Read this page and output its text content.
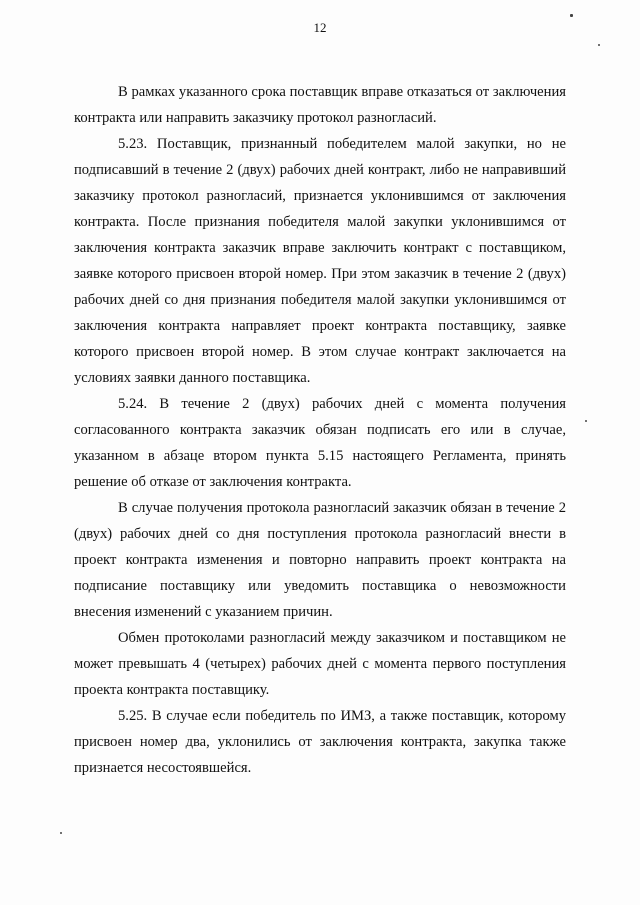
12

В рамках указанного срока поставщик вправе отказаться от заключения контракта или направить заказчику протокол разногласий.

5.23. Поставщик, признанный победителем малой закупки, но не подписавший в течение 2 (двух) рабочих дней контракт, либо не направивший заказчику протокол разногласий, признается уклонившимся от заключения контракта. После признания победителя малой закупки уклонившимся от заключения контракта заказчик вправе заключить контракт с поставщиком, заявке которого присвоен второй номер. При этом заказчик в течение 2 (двух) рабочих дней со дня признания победителя малой закупки уклонившимся от заключения контракта направляет проект контракта поставщику, заявке которого присвоен второй номер. В этом случае контракт заключается на условиях заявки данного поставщика.

5.24. В течение 2 (двух) рабочих дней с момента получения согласованного контракта заказчик обязан подписать его или в случае, указанном в абзаце втором пункта 5.15 настоящего Регламента, принять решение об отказе от заключения контракта.

В случае получения протокола разногласий заказчик обязан в течение 2 (двух) рабочих дней со дня поступления протокола разногласий внести в проект контракта изменения и повторно направить проект контракта на подписание поставщику или уведомить поставщика о невозможности внесения изменений с указанием причин.

Обмен протоколами разногласий между заказчиком и поставщиком не может превышать 4 (четырех) рабочих дней с момента первого поступления проекта контракта поставщику.

5.25. В случае если победитель по ИМЗ, а также поставщик, которому присвоен номер два, уклонились от заключения контракта, закупка также признается несостоявшейся.
